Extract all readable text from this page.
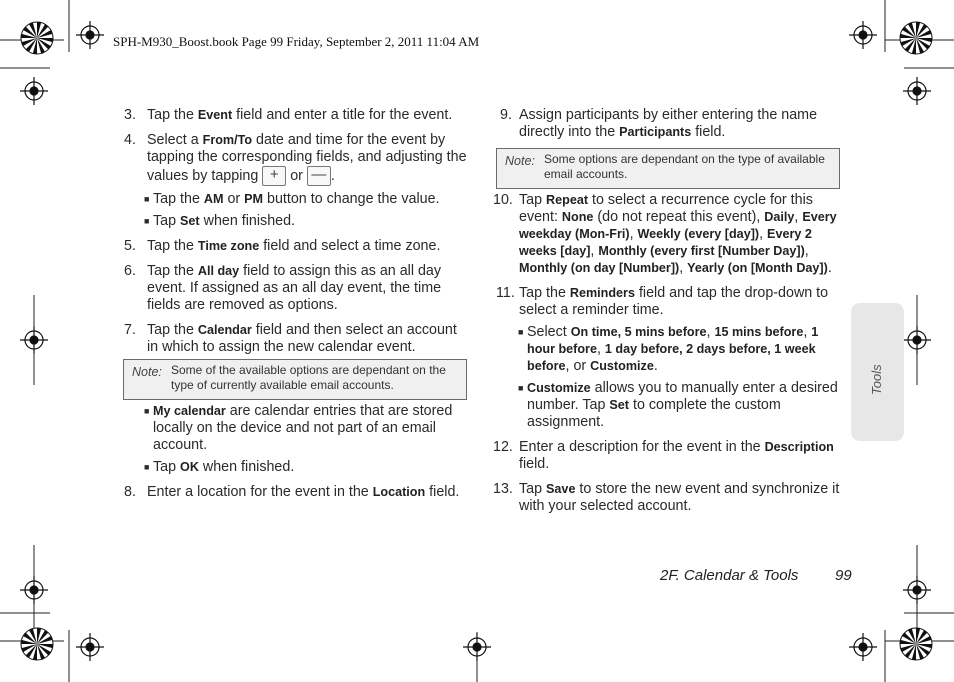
SPH-M930_Boost.book Page 99 Friday, September 2, 2011 11:04 AM

3. Tap the Event field and enter a title for the event.

4. Select a From/To date and time for the event by tapping the corresponding fields, and adjusting the values by tapping + or — .

■ Tap the AM or PM button to change the value.

■ Tap Set when finished.

5. Tap the Time zone field and select a time zone.

6. Tap the All day field to assign this as an all day event. If assigned as an all day event, the time fields are removed as options.

7. Tap the Calendar field and then select an account in which to assign the new calendar event.

Note: Some of the available options are dependant on the type of currently available email accounts.

■ My calendar are calendar entries that are stored locally on the device and not part of an email account.

■ Tap OK when finished.

8. Enter a location for the event in the Location field.

9. Assign participants by either entering the name directly into the Participants field.

Note: Some options are dependant on the type of available email accounts.

10. Tap Repeat to select a recurrence cycle for this event: None (do not repeat this event), Daily, Every weekday (Mon-Fri), Weekly (every [day]), Every 2 weeks [day], Monthly (every first [Number Day]), Monthly (on day [Number]), Yearly (on [Month Day]).

11. Tap the Reminders field and tap the drop-down to select a reminder time.

■ Select On time, 5 mins before, 15 mins before, 1 hour before, 1 day before, 2 days before, 1 week before, or Customize.

■ Customize allows you to manually enter a desired number. Tap Set to complete the custom assignment.

12. Enter a description for the event in the Description field.

13. Tap Save to store the new event and synchronize it with your selected account.

Tools
2F. Calendar & Tools 99
